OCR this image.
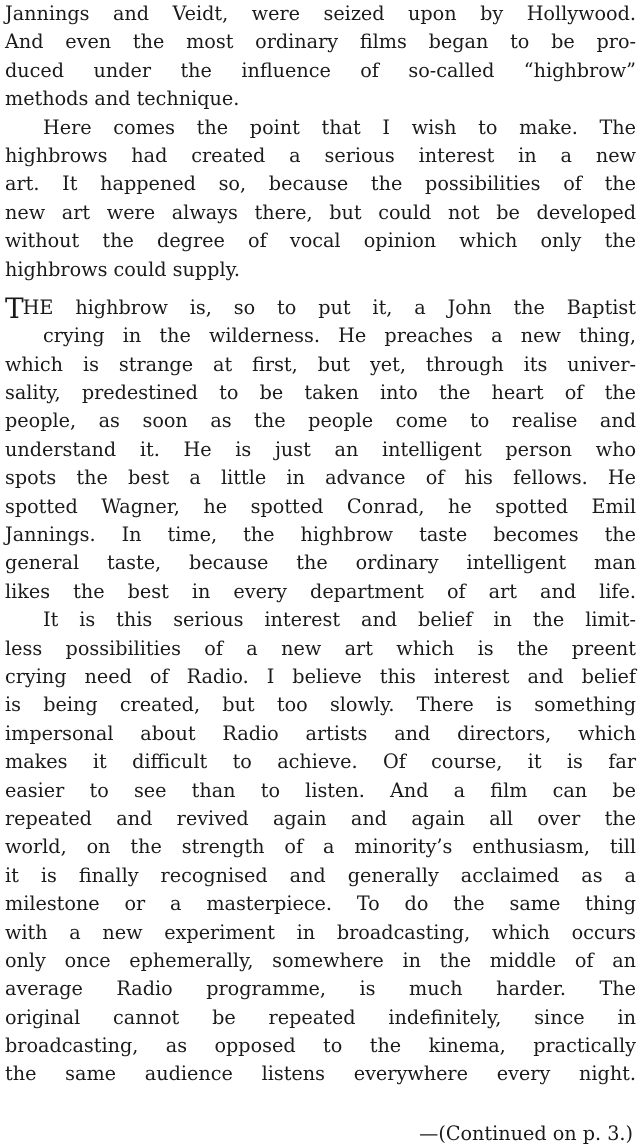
Jannings and Veidt, were seized upon by Hollywood.
And even the most ordinary films began to be pro-
duced under the influence of so-called “highbrow”
methods and technique.
Here comes the point that I wish to make. The
highbrows had created a serious interest in a new
art. It happened so, because the possibilities of the
new art were always there, but could not be developed
without the degree of vocal opinion which only the
highbrows could supply.
THE highbrow is, so to put it, a John the Baptist
crying in the wilderness. He preaches a new thing,
which is strange at first, but yet, through its univer-
sality, predestined to be taken into the heart of the
people, as soon as the people come to realise and
understand it. He is just an intelligent person who
spots the best a little in advance of his fellows. He
spotted Wagner, he spotted Conrad, he spotted Emil
Jannings. In time, the highbrow taste becomes the
general taste, because the ordinary intelligent man
likes the best in every department of art and life.
It is this serious interest and belief in the limit-
less possibilities of a new art which is the preent
crying need of Radio. I believe this interest and belief
is being created, but too slowly. There is something
impersonal about Radio artists and directors, which
makes it difficult to achieve. Of course, it is far
easier to see than to listen. And a film can be
repeated and revived again and again all over the
world, on the strength of a minority’s enthusiasm, till
it is finally recognised and generally acclaimed as a
milestone or a masterpiece. To do the same thing
with a new experiment in broadcasting, which occurs
only once ephemerally, somewhere in the middle of an
average Radio programme, is much harder. The
original cannot be repeated indefinitely, since in
broadcasting, as opposed to the kinema, practically
the same audience listens everywhere every night.
—(Continued on p. 3.)
